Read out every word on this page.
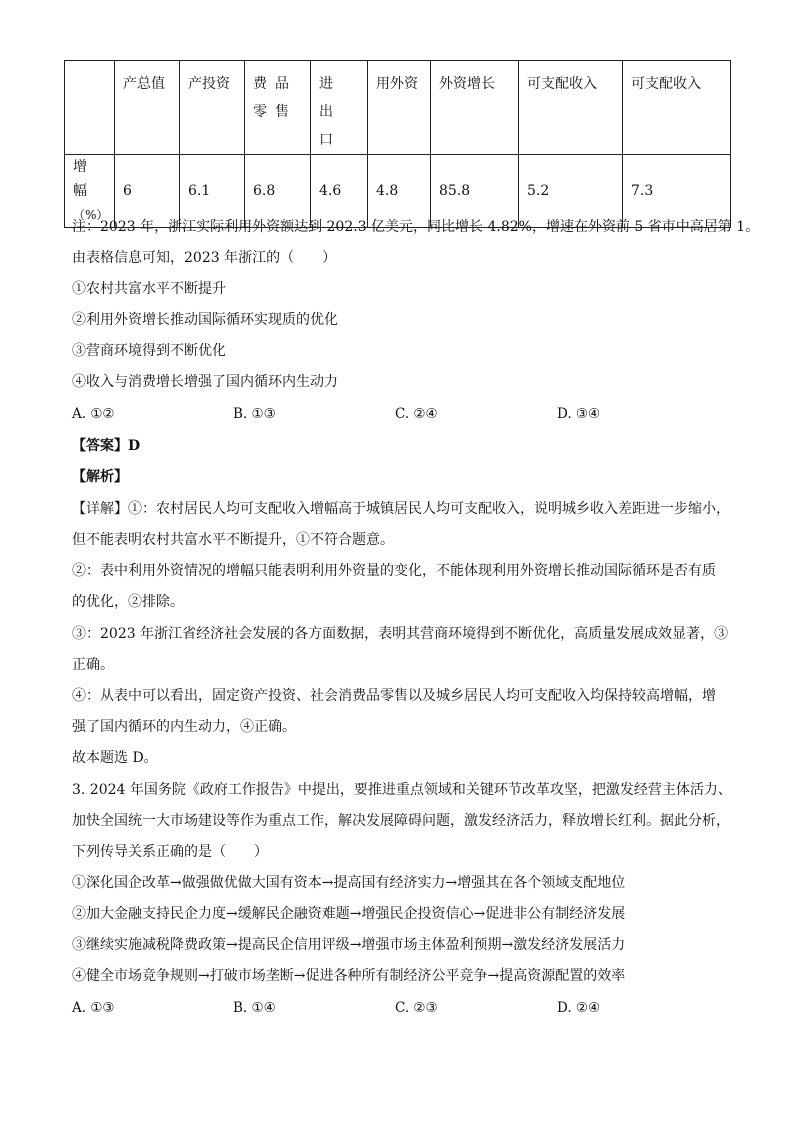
	产总值	产投资	费品零售	进出口	用外资	外资增长	可支配收入	可支配收入

增幅
（%）	6	6.1	6.8	4.6	4.8	85.8	5.2	7.3
注：2023 年，浙江实际利用外资额达到 202.3 亿美元，同比增长 4.82%，增速在外资前 5 省市中高居第 1。
由表格信息可知，2023 年浙江的（　　）
①农村共富水平不断提升
②利用外资增长推动国际循环实现质的优化
③营商环境得到不断优化
④收入与消费增长增强了国内循环内生动力
A. ①②	B. ①③	C. ②④	D. ③④
【答案】D
【解析】
【详解】①：农村居民人均可支配收入增幅高于城镇居民人均可支配收入，说明城乡收入差距进一步缩小，
但不能表明农村共富水平不断提升，①不符合题意。
②：表中利用外资情况的增幅只能表明利用外资量的变化，不能体现利用外资增长推动国际循环是否有质
的优化，②排除。
③：2023 年浙江省经济社会发展的各方面数据，表明其营商环境得到不断优化，高质量发展成效显著，③
正确。
④：从表中可以看出，固定资产投资、社会消费品零售以及城乡居民人均可支配收入均保持较高增幅，增
强了国内循环的内生动力，④正确。
故本题选 D。
3. 2024 年国务院《政府工作报告》中提出，要推进重点领域和关键环节改革攻坚，把激发经营主体活力、
加快全国统一大市场建设等作为重点工作，解决发展障碍问题，激发经济活力，释放增长红利。据此分析，
下列传导关系正确的是（　　）
①深化国企改革→做强做优做大国有资本→提高国有经济实力→增强其在各个领域支配地位
②加大金融支持民企力度→缓解民企融资难题→增强民企投资信心→促进非公有制经济发展
③继续实施减税降费政策→提高民企信用评级→增强市场主体盈利预期→激发经济发展活力
④健全市场竞争规则→打破市场垄断→促进各种所有制经济公平竞争→提高资源配置的效率
A. ①③	B. ①④	C. ②③	D. ②④
